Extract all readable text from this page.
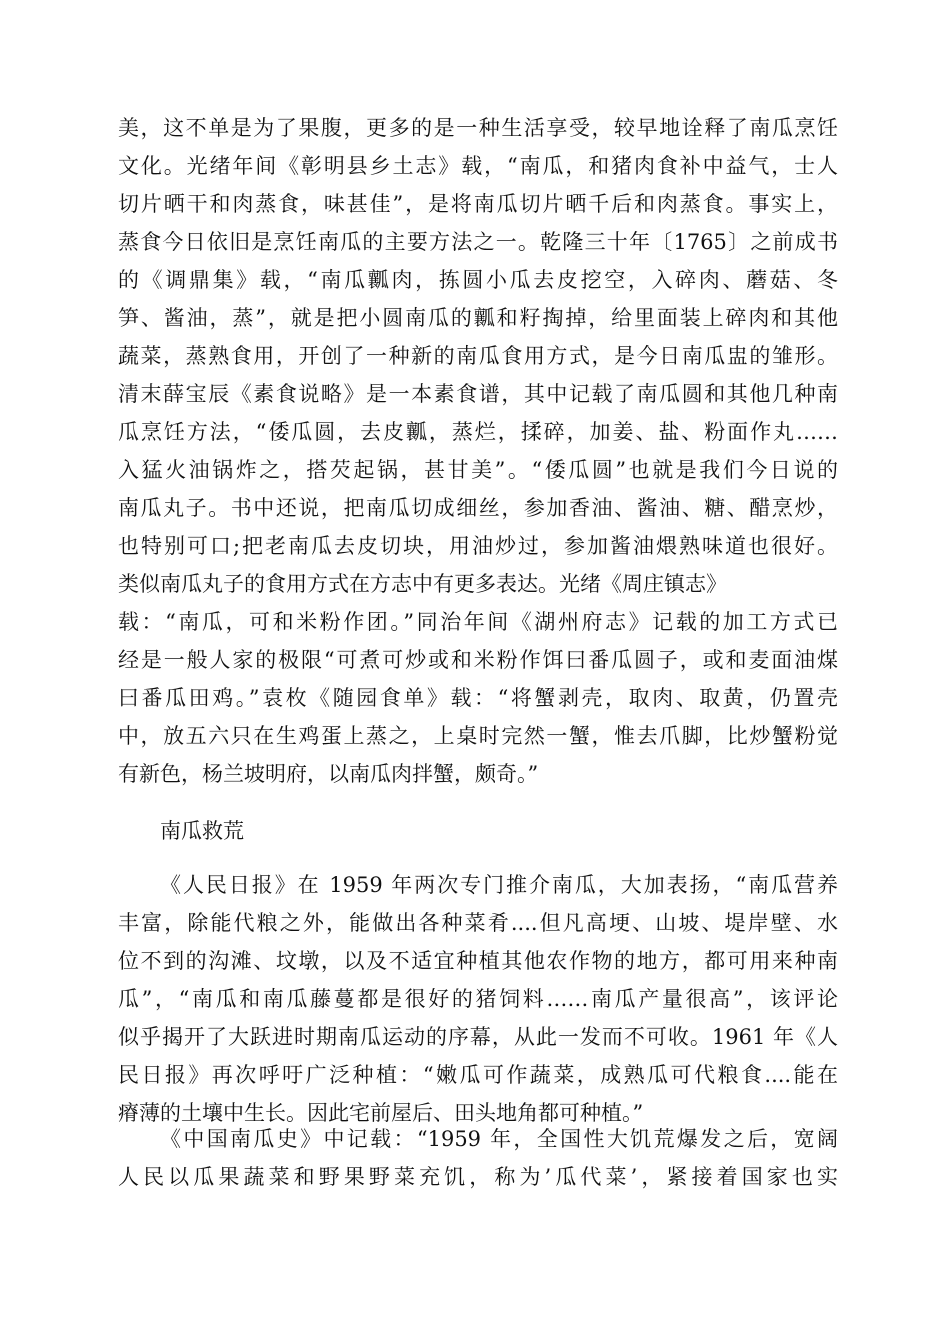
美，这不单是为了果腹，更多的是一种生活享受，较早地诠释了南瓜烹饪
文化。光绪年间《彰明县乡土志》载，“南瓜，和猪肉食补中益气，士人
切片晒干和肉蒸食，味甚佳”，是将南瓜切片晒千后和肉蒸食。事实上，
蒸食今日依旧是烹饪南瓜的主要方法之一。乾隆三十年〔1765〕之前成书
的《调鼎集》载，“南瓜瓤肉，拣圆小瓜去皮挖空，入碎肉、蘑菇、冬
笋、酱油，蒸”，就是把小圆南瓜的瓤和籽掏掉，给里面装上碎肉和其他
蔬菜，蒸熟食用，开创了一种新的南瓜食用方式，是今日南瓜盅的雏形。
清末薛宝辰《素食说略》是一本素食谱，其中记载了南瓜圆和其他几种南
瓜烹饪方法，“倭瓜圆，去皮瓤，蒸烂，揉碎，加姜、盐、粉面作丸……
入猛火油锅炸之，搭芡起锅，甚甘美”。“倭瓜圆”也就是我们今日说的
南瓜丸子。书中还说，把南瓜切成细丝，参加香油、酱油、糖、醋烹炒，
也特别可口;把老南瓜去皮切块，用油炒过，参加酱油煨熟味道也很好。
类似南瓜丸子的食用方式在方志中有更多表达。光绪《周庄镇志》
载：“南瓜，可和米粉作团。”同治年间《湖州府志》记载的加工方式已
经是一般人家的极限“可煮可炒或和米粉作饵曰番瓜圆子，或和麦面油煤
曰番瓜田鸡。”袁枚《随园食单》载：“将蟹剥壳，取肉、取黄，仍置壳
中，放五六只在生鸡蛋上蒸之，上桌时完然一蟹，惟去爪脚，比炒蟹粉觉
有新色，杨兰坡明府，以南瓜肉拌蟹，颇奇。”
南瓜救荒
《人民日报》在 1959 年两次专门推介南瓜，大加表扬，“南瓜营养
丰富，除能代粮之外，能做出各种菜肴....但凡高埂、山坡、堤岸壁、水
位不到的沟滩、坟墩，以及不适宜种植其他农作物的地方，都可用来种南
瓜”，“南瓜和南瓜藤蔓都是很好的猪饲料……南瓜产量很高”，该评论
似乎揭开了大跃进时期南瓜运动的序幕，从此一发而不可收。1961 年《人
民日报》再次呼吁广泛种植：“嫩瓜可作蔬菜，成熟瓜可代粮食....能在
瘠薄的土壤中生长。因此宅前屋后、田头地角都可种植。”
《中国南瓜史》中记载：“1959 年，全国性大饥荒爆发之后，宽阔
人民以瓜果蔬菜和野果野菜充饥，称为’瓜代菜’，紧接着国家也实
